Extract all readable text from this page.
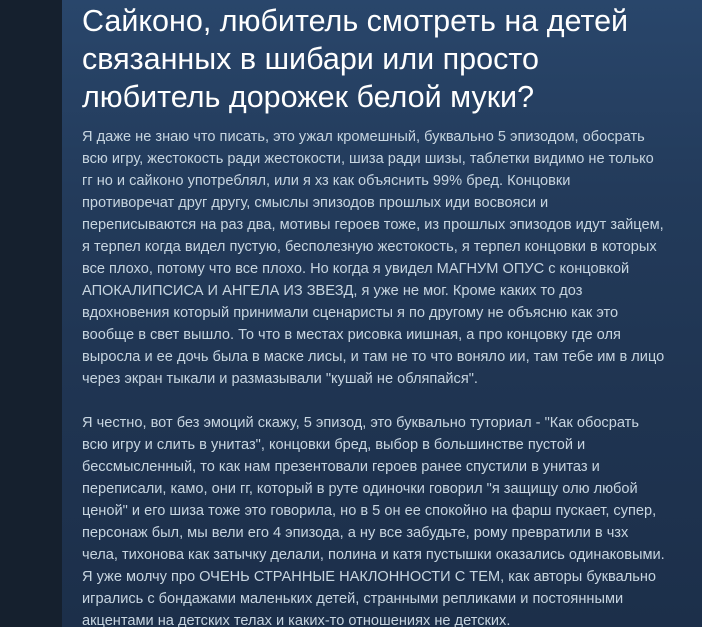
Сайконо, любитель смотреть на детей связанных в шибари или просто любитель дорожек белой муки?

Я даже не знаю что писать, это ужал кромешный, буквально 5 эпизодом, обосрать
всю игру, жестокость ради жестокости, шиза ради шизы, таблетки видимо не только
гг но и сайконо употреблял, или я хз как объяснить 99% бред. Концовки
противоречат друг другу, смыслы эпизодов прошлых иди восвояси и
переписываются на раз два, мотивы героев тоже, из прошлых эпизодов идут зайцем,
я терпел когда видел пустую, бесполезную жестокость, я терпел концовки в которых
все плохо, потому что все плохо. Но когда я увидел МАГНУМ ОПУС с концовкой
АПОКАЛИПСИСА И АНГЕЛА ИЗ ЗВЕЗД, я уже не мог. Кроме каких то доз
вдохновения который принимали сценаристы я по другому не объясню как это
вообще в свет вышло. То что в местах рисовка иишная, а про концовку где оля
выросла и ее дочь была в маске лисы, и там не то что воняло ии, там тебе им в лицо
через экран тыкали и размазывали "кушай не обляпайся".

Я честно, вот без эмоций скажу, 5 эпизод, это буквально туториал - "Как обосрать
всю игру и слить в унитаз", концовки бред, выбор в большинстве пустой и
бессмысленный, то как нам презентовали героев ранее спустили в унитаз и
переписали, камо, они гг, который в руте одиночки говорил "я защищу олю любой
ценой" и его шиза тоже это говорила, но в 5 он ее спокойно на фарш пускает, супер,
персонаж был, мы вели его 4 эпизода, а ну все забудьте, рому превратили в чзх
чела, тихонова как затычку делали, полина и катя пустышки оказались одинаковыми.
Я уже молчу про ОЧЕНЬ СТРАННЫЕ НАКЛОННОСТИ С ТЕМ, как авторы буквально
игрались с бондажами маленьких детей, странными репликами и постоянными
акцентами на детских телах и каких-то отношениях не детских.
